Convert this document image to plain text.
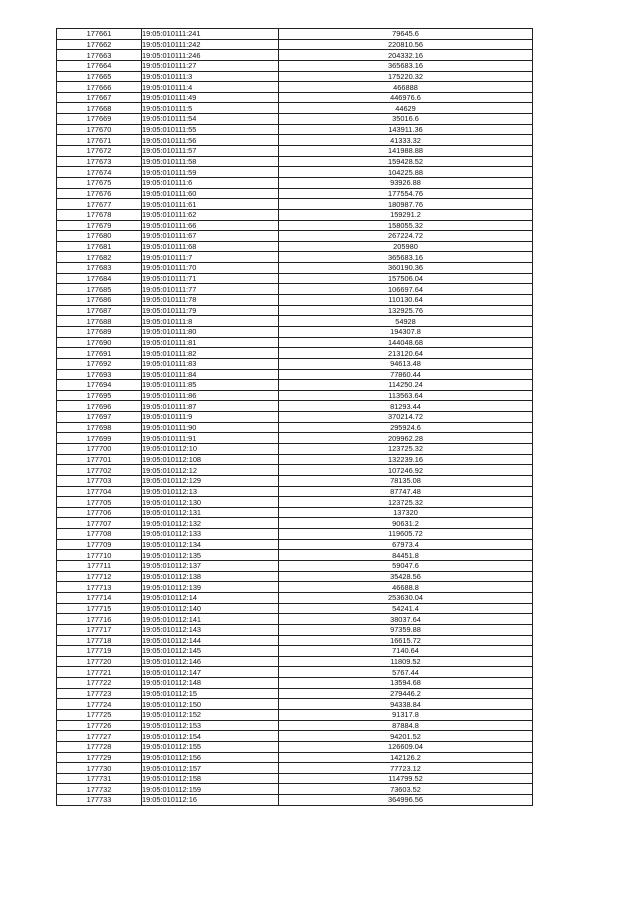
177661	19:05:010111:241	79645.6
177662	19:05:010111:242	220810.56
177663	19:05:010111:246	204332.16
177664	19:05:010111:27	365683.16
177665	19:05:010111:3	175220.32
177666	19:05:010111:4	466888
177667	19:05:010111:49	446976.6
177668	19:05:010111:5	44629
177669	19:05:010111:54	35016.6
177670	19:05:010111:55	143911.36
177671	19:05:010111:56	41333.32
177672	19:05:010111:57	141988.88
177673	19:05:010111:58	159428.52
177674	19:05:010111:59	104225.88
177675	19:05:010111:6	93926.88
177676	19:05:010111:60	177554.76
177677	19:05:010111:61	180987.76
177678	19:05:010111:62	159291.2
177679	19:05:010111:66	158055.32
177680	19:05:010111:67	267224.72
177681	19:05:010111:68	205980
177682	19:05:010111:7	365683.16
177683	19:05:010111:70	360190.36
177684	19:05:010111:71	157506.04
177685	19:05:010111:77	106697.64
177686	19:05:010111:78	110130.64
177687	19:05:010111:79	132925.76
177688	19:05:010111:8	54928
177689	19:05:010111:80	194307.8
177690	19:05:010111:81	144048.68
177691	19:05:010111:82	213120.64
177692	19:05:010111:83	94613.48
177693	19:05:010111:84	77860.44
177694	19:05:010111:85	114250.24
177695	19:05:010111:86	113563.64
177696	19:05:010111:87	81293.44
177697	19:05:010111:9	370214.72
177698	19:05:010111:90	295924.6
177699	19:05:010111:91	209962.28
177700	19:05:010112:10	123725.32
177701	19:05:010112:108	132239.16
177702	19:05:010112:12	107246.92
177703	19:05:010112:129	78135.08
177704	19:05:010112:13	87747.48
177705	19:05:010112:130	123725.32
177706	19:05:010112:131	137320
177707	19:05:010112:132	90631.2
177708	19:05:010112:133	119605.72
177709	19:05:010112:134	67973.4
177710	19:05:010112:135	84451.8
177711	19:05:010112:137	59047.6
177712	19:05:010112:138	35428.56
177713	19:05:010112:139	46688.8
177714	19:05:010112:14	253630.04
177715	19:05:010112:140	54241.4
177716	19:05:010112:141	38037.64
177717	19:05:010112:143	97359.88
177718	19:05:010112:144	16615.72
177719	19:05:010112:145	7140.64
177720	19:05:010112:146	11809.52
177721	19:05:010112:147	5767.44
177722	19:05:010112:148	13594.68
177723	19:05:010112:15	279446.2
177724	19:05:010112:150	94338.84
177725	19:05:010112:152	91317.8
177726	19:05:010112:153	87884.8
177727	19:05:010112:154	94201.52
177728	19:05:010112:155	126609.04
177729	19:05:010112:156	142126.2
177730	19:05:010112:157	77723.12
177731	19:05:010112:158	114799.52
177732	19:05:010112:159	73603.52
177733	19:05:010112:16	364996.56
